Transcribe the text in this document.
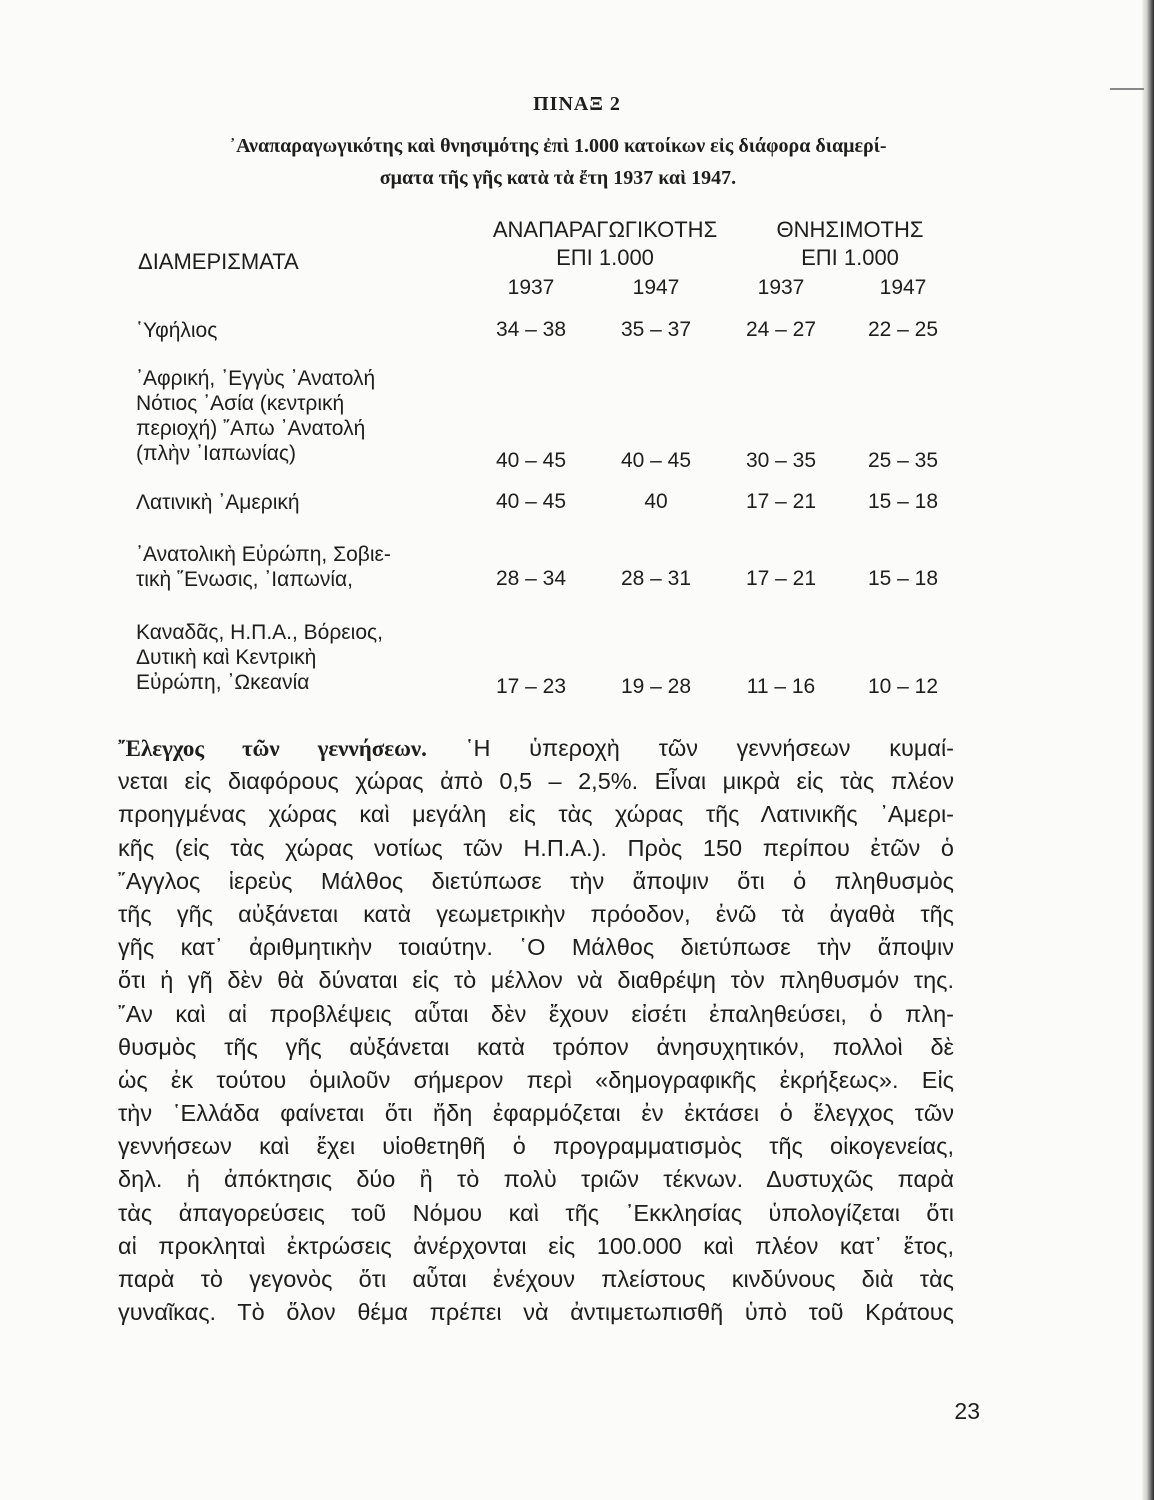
ΠΙΝΑΞ 2
᾿Αναπαραγωγικότης καὶ θνησιμότης ἐπὶ 1.000 κατοίκων εἰς διάφορα διαμερί-
σματα τῆς γῆς κατὰ τὰ ἔτη 1937 καὶ 1947.
ΔΙΑΜΕΡΙΣΜΑΤΑ
ΑΝΑΠΑΡΑΓΩΓΙΚΟΤΗΣ
ΕΠΙ 1.000
ΘΝΗΣΙΜΟΤΗΣ
ΕΠΙ 1.000
1937	1947	1937	1947
῾Υφήλιος	34 – 38	35 – 37	24 – 27	22 – 25
᾿Αφρική, ᾿Εγγὺς ᾿Ανατολή
Νότιος ᾿Ασία (κεντρική
περιοχή) ῎Απω ᾿Ανατολή
(πλὴν ᾿Ιαπωνίας)	40 – 45	40 – 45	30 – 35	25 – 35
Λατινικὴ ᾿Αμερική	40 – 45	40	17 – 21	15 – 18
᾿Ανατολικὴ Εὐρώπη, Σοβιε-
τικὴ ῞Ενωσις, ᾿Ιαπωνία,	28 – 34	28 – 31	17 – 21	15 – 18
Καναδᾶς, Η.Π.Α., Βόρειος,
Δυτικὴ καὶ Κεντρικὴ
Εὐρώπη, ᾿Ωκεανία	17 – 23	19 – 28	11 – 16	10 – 12
῎Ελεγχος τῶν γεννήσεων. ῾Η ὑπεροχὴ τῶν γεννήσεων κυμαί-
νεται εἰς διαφόρους χώρας ἀπὸ 0,5 – 2,5%. Εἶναι μικρὰ εἰς τὰς πλέον
προηγμένας χώρας καὶ μεγάλη εἰς τὰς χώρας τῆς Λατινικῆς ᾿Αμερι-
κῆς (εἰς τὰς χώρας νοτίως τῶν Η.Π.Α.). Πρὸς 150 περίπου ἐτῶν ὁ
῎Αγγλος ἱερεὺς Μάλθος διετύπωσε τὴν ἄποψιν ὅτι ὁ πληθυσμὸς
τῆς γῆς αὐξάνεται κατὰ γεωμετρικὴν πρόοδον, ἐνῶ τὰ ἀγαθὰ τῆς
γῆς κατ᾿ ἀριθμητικὴν τοιαύτην. ῾Ο Μάλθος διετύπωσε τὴν ἄποψιν
ὅτι ἡ γῆ δὲν θὰ δύναται εἰς τὸ μέλλον νὰ διαθρέψη τὸν πληθυσμόν της.
῎Αν καὶ αἱ προβλέψεις αὗται δὲν ἔχουν εἰσέτι ἐπαληθεύσει, ὁ πλη-
θυσμὸς τῆς γῆς αὐξάνεται κατὰ τρόπον ἀνησυχητικόν, πολλοὶ δὲ
ὡς ἐκ τούτου ὁμιλοῦν σήμερον περὶ «δημογραφικῆς ἐκρήξεως». Εἰς
τὴν ῾Ελλάδα φαίνεται ὅτι ἤδη ἐφαρμόζεται ἐν ἐκτάσει ὁ ἔλεγχος τῶν
γεννήσεων καὶ ἔχει υἱοθετηθῆ ὁ προγραμματισμὸς τῆς οἰκογενείας,
δηλ. ἡ ἀπόκτησις δύο ἢ τὸ πολὺ τριῶν τέκνων. Δυστυχῶς παρὰ
τὰς ἀπαγορεύσεις τοῦ Νόμου καὶ τῆς ᾿Εκκλησίας ὑπολογίζεται ὅτι
αἱ προκληταὶ ἐκτρώσεις ἀνέρχονται εἰς 100.000 καὶ πλέον κατ᾿ ἔτος,
παρὰ τὸ γεγονὸς ὅτι αὗται ἐνέχουν πλείστους κινδύνους διὰ τὰς
γυναῖκας. Τὸ ὅλον θέμα πρέπει νὰ ἀντιμετωπισθῆ ὑπὸ τοῦ Κράτους
23
